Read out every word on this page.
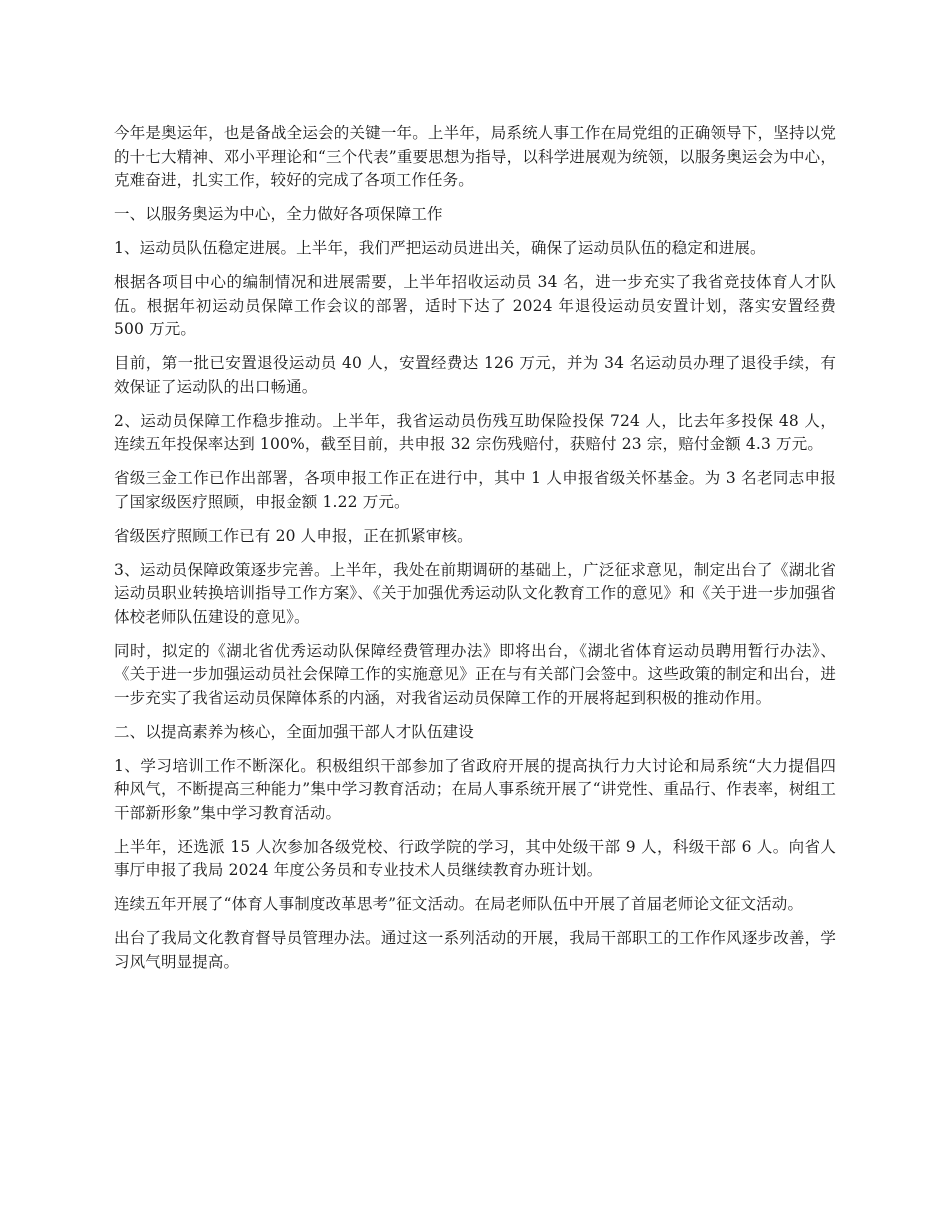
今年是奥运年，也是备战全运会的关键一年。上半年，局系统人事工作在局党组的正确领导下，坚持以党的十七大精神、邓小平理论和“三个代表”重要思想为指导，以科学进展观为统领，以服务奥运会为中心，克难奋进，扎实工作，较好的完成了各项工作任务。

一、以服务奥运为中心，全力做好各项保障工作

1、运动员队伍稳定进展。上半年，我们严把运动员进出关，确保了运动员队伍的稳定和进展。

根据各项目中心的编制情况和进展需要，上半年招收运动员 34 名，进一步充实了我省竞技体育人才队伍。根据年初运动员保障工作会议的部署，适时下达了 2024 年退役运动员安置计划，落实安置经费 500 万元。

目前，第一批已安置退役运动员 40 人，安置经费达 126 万元，并为 34 名运动员办理了退役手续，有效保证了运动队的出口畅通。

2、运动员保障工作稳步推动。上半年，我省运动员伤残互助保险投保 724 人，比去年多投保 48 人，连续五年投保率达到 100%，截至目前，共申报 32 宗伤残赔付，获赔付 23 宗，赔付金额 4.3 万元。

省级三金工作已作出部署，各项申报工作正在进行中，其中 1 人申报省级关怀基金。为 3 名老同志申报了国家级医疗照顾，申报金额 1.22 万元。

省级医疗照顾工作已有 20 人申报，正在抓紧审核。

3、运动员保障政策逐步完善。上半年，我处在前期调研的基础上，广泛征求意见，制定出台了《湖北省运动员职业转换培训指导工作方案》、《关于加强优秀运动队文化教育工作的意见》和《关于进一步加强省体校老师队伍建设的意见》。

同时，拟定的《湖北省优秀运动队保障经费管理办法》即将出台，《湖北省体育运动员聘用暂行办法》、《关于进一步加强运动员社会保障工作的实施意见》正在与有关部门会签中。这些政策的制定和出台，进一步充实了我省运动员保障体系的内涵，对我省运动员保障工作的开展将起到积极的推动作用。

二、以提高素养为核心，全面加强干部人才队伍建设

1、学习培训工作不断深化。积极组织干部参加了省政府开展的提高执行力大讨论和局系统“大力提倡四种风气，不断提高三种能力”集中学习教育活动；在局人事系统开展了“讲党性、重品行、作表率，树组工干部新形象”集中学习教育活动。

上半年，还选派 15 人次参加各级党校、行政学院的学习，其中处级干部 9 人，科级干部 6 人。向省人事厅申报了我局 2024 年度公务员和专业技术人员继续教育办班计划。

连续五年开展了“体育人事制度改革思考”征文活动。在局老师队伍中开展了首届老师论文征文活动。

出台了我局文化教育督导员管理办法。通过这一系列活动的开展，我局干部职工的工作作风逐步改善，学习风气明显提高。
